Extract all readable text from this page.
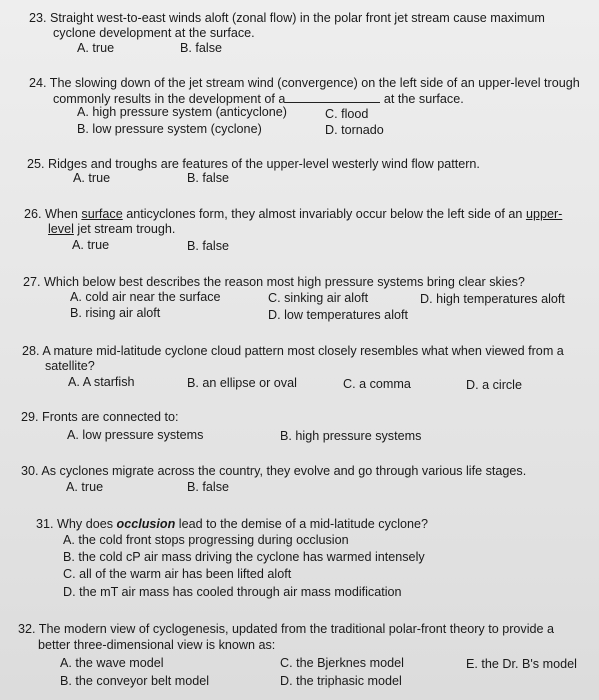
23. Straight west-to-east winds aloft (zonal flow) in the polar front jet stream cause maximum
cyclone development at the surface.
A. true	B. false
24. The slowing down of the jet stream wind (convergence) on the left side of an upper-level trough
commonly results in the development of a	at the surface.
A. high pressure system (anticyclone)	C. flood
B. low pressure system (cyclone)	D. tornado
25. Ridges and troughs are features of the upper-level westerly wind flow pattern.
A. true	B. false
26. When surface anticyclones form, they almost invariably occur below the left side of an upper-
level jet stream trough.
A. true	B. false
27. Which below best describes the reason most high pressure systems bring clear skies?
A. cold air near the surface	C. sinking air aloft	D. high temperatures aloft
B. rising air aloft	D. low temperatures aloft
28. A mature mid-latitude cyclone cloud pattern most closely resembles what when viewed from a
satellite?
A. A starfish	B. an ellipse or oval	C. a comma	D. a circle
29. Fronts are connected to:
A. low pressure systems	B. high pressure systems
30. As cyclones migrate across the country, they evolve and go through various life stages.
A. true	B. false
31. Why does occlusion lead to the demise of a mid-latitude cyclone?
A. the cold front stops progressing during occlusion
B. the cold cP air mass driving the cyclone has warmed intensely
C. all of the warm air has been lifted aloft
D. the mT air mass has cooled through air mass modification
32. The modern view of cyclogenesis, updated from the traditional polar-front theory to provide a
better three-dimensional view is known as:
A. the wave model	C. the Bjerknes model	E. the Dr. B's model
B. the conveyor belt model	D. the triphasic model
